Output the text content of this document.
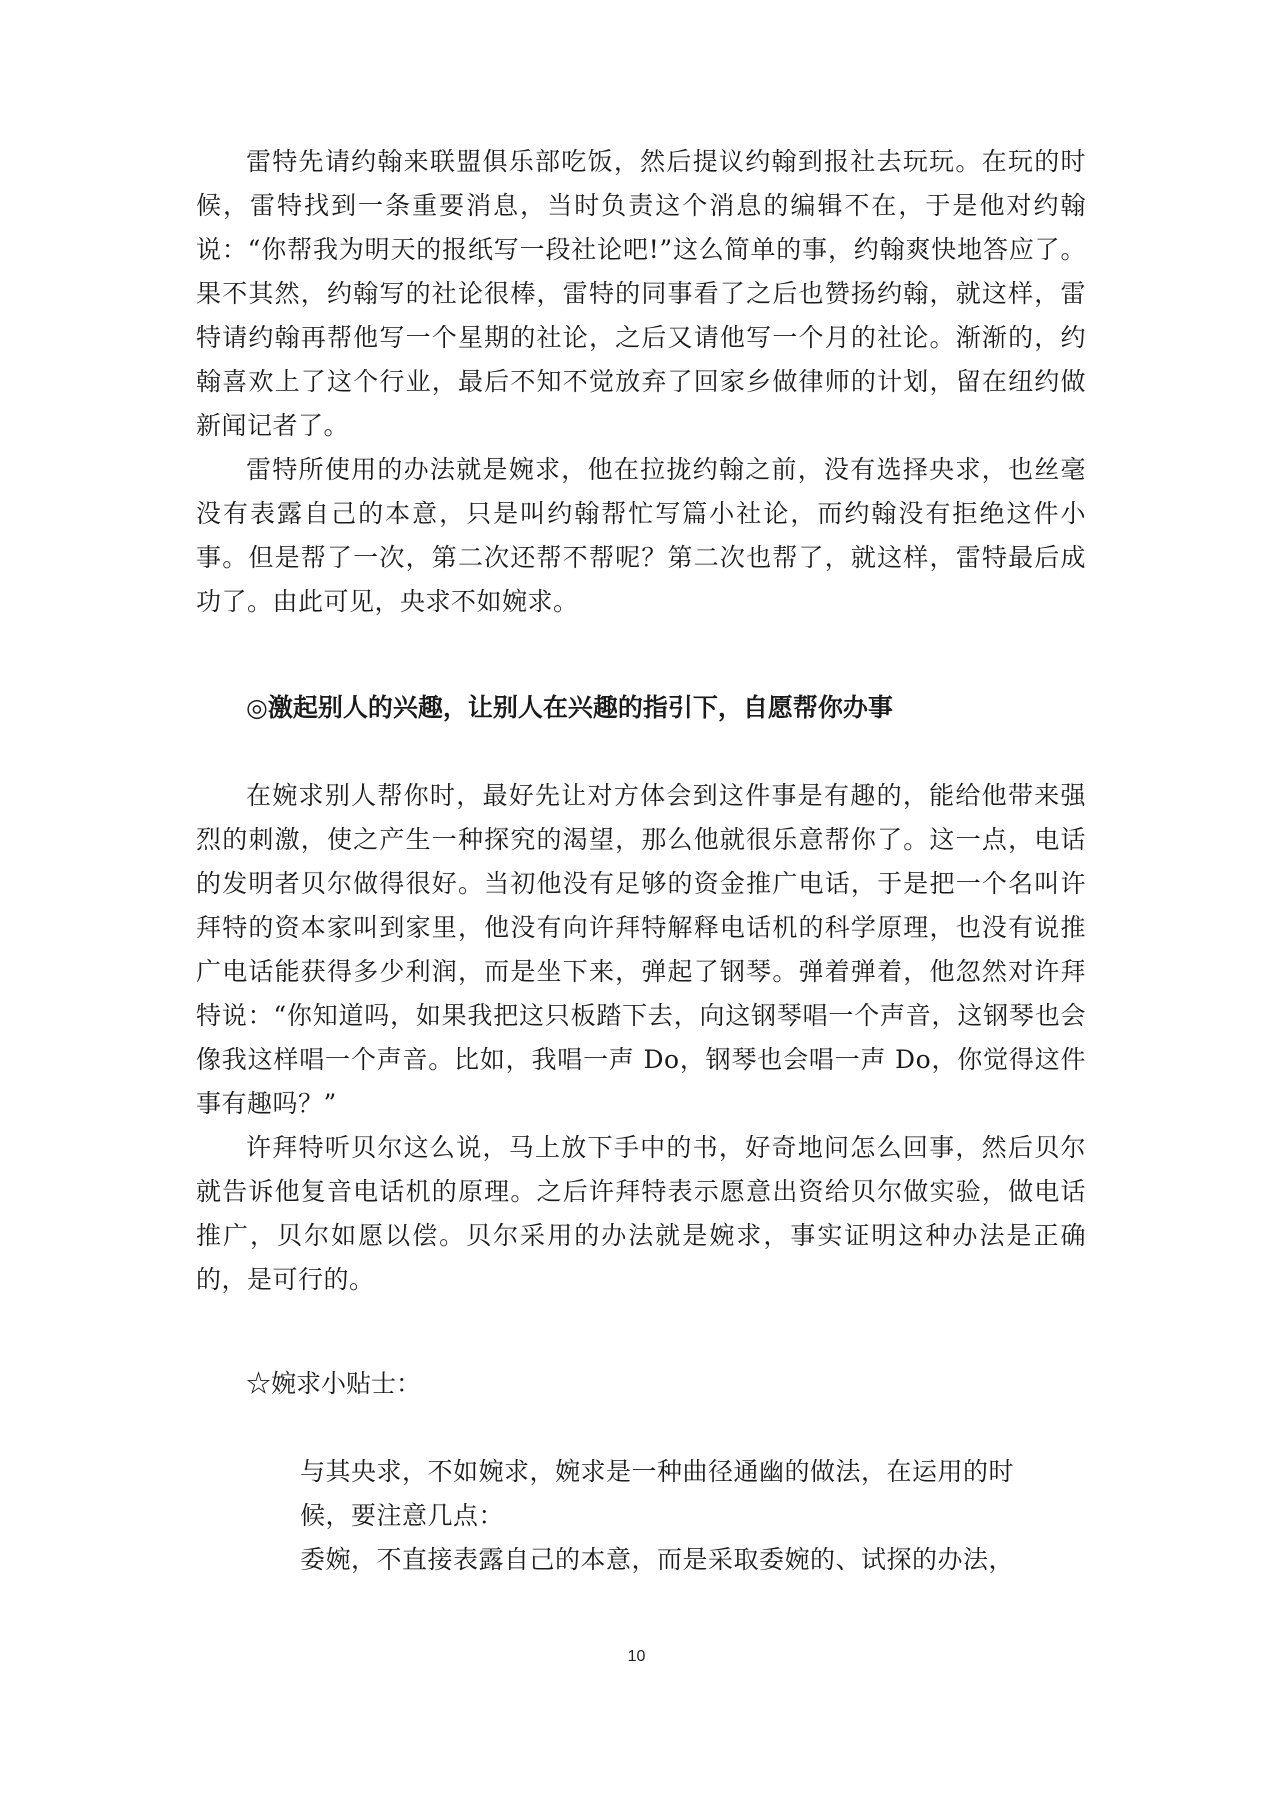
雷特先请约翰来联盟俱乐部吃饭，然后提议约翰到报社去玩玩。在玩的时候，雷特找到一条重要消息，当时负责这个消息的编辑不在，于是他对约翰说：“你帮我为明天的报纸写一段社论吧!”这么简单的事，约翰爽快地答应了。果不其然，约翰写的社论很棒，雷特的同事看了之后也赞扬约翰，就这样，雷特请约翰再帮他写一个星期的社论，之后又请他写一个月的社论。渐渐的，约翰喜欢上了这个行业，最后不知不觉放弃了回家乡做律师的计划，留在纽约做新闻记者了。

雷特所使用的办法就是婉求，他在拉拢约翰之前，没有选择央求，也丝毫没有表露自己的本意，只是叫约翰帮忙写篇小社论，而约翰没有拒绝这件小事。但是帮了一次，第二次还帮不帮呢？第二次也帮了，就这样，雷特最后成功了。由此可见，央求不如婉求。

◎激起别人的兴趣，让别人在兴趣的指引下，自愿帮你办事

在婉求别人帮你时，最好先让对方体会到这件事是有趣的，能给他带来强烈的刺激，使之产生一种探究的渴望，那么他就很乐意帮你了。这一点，电话的发明者贝尔做得很好。当初他没有足够的资金推广电话，于是把一个名叫许拜特的资本家叫到家里，他没有向许拜特解释电话机的科学原理，也没有说推广电话能获得多少利润，而是坐下来，弹起了钢琴。弹着弹着，他忽然对许拜特说：“你知道吗，如果我把这只板踏下去，向这钢琴唱一个声音，这钢琴也会像我这样唱一个声音。比如，我唱一声 Do，钢琴也会唱一声 Do，你觉得这件事有趣吗？”

许拜特听贝尔这么说，马上放下手中的书，好奇地问怎么回事，然后贝尔就告诉他复音电话机的原理。之后许拜特表示愿意出资给贝尔做实验，做电话推广，贝尔如愿以偿。贝尔采用的办法就是婉求，事实证明这种办法是正确的，是可行的。

☆婉求小贴士：

与其央求，不如婉求，婉求是一种曲径通幽的做法，在运用的时候，要注意几点：

委婉，不直接表露自己的本意，而是采取委婉的、试探的办法，

10
